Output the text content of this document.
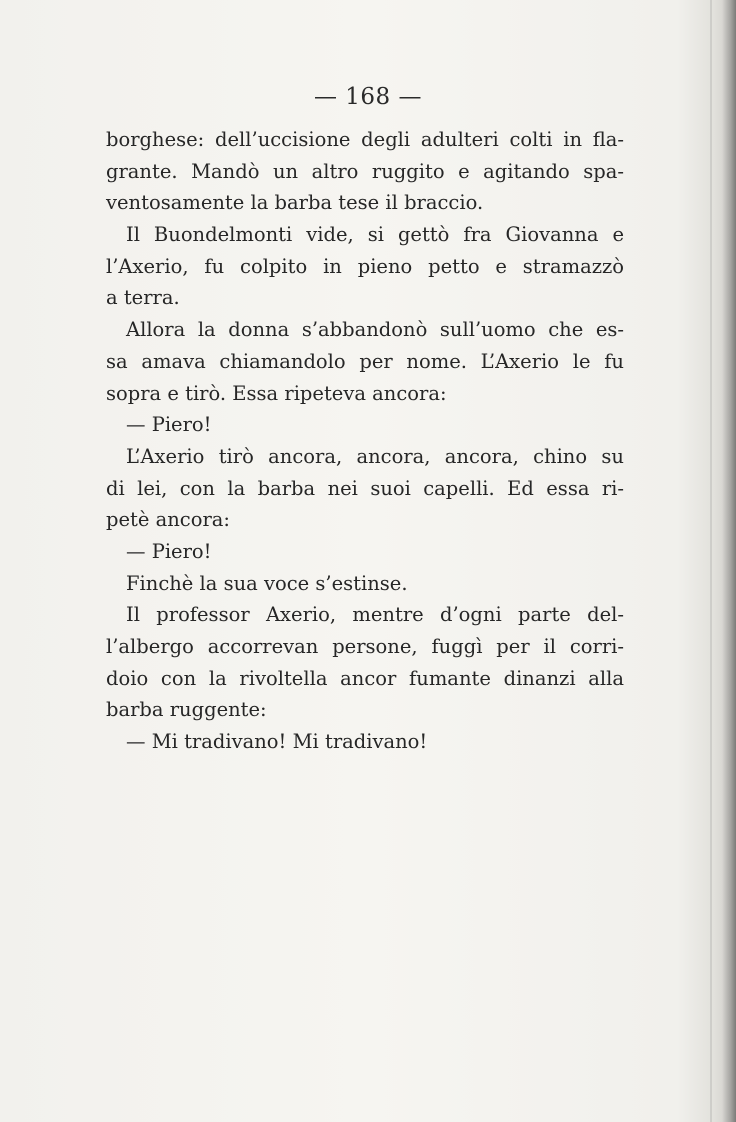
— 168 —
borghese: dell’uccisione degli adulteri colti in fla-
grante. Mandò un altro ruggito e agitando spa-
ventosamente la barba tese il braccio.
Il Buondelmonti vide, si gettò fra Giovanna e
l’Axerio, fu colpito in pieno petto e stramazzò
a terra.
Allora la donna s’abbandonò sull’uomo che es-
sa amava chiamandolo per nome. L’Axerio le fu
sopra e tirò. Essa ripeteva ancora:
— Piero!
L’Axerio tirò ancora, ancora, ancora, chino su
di lei, con la barba nei suoi capelli. Ed essa ri-
petè ancora:
— Piero!
Finchè la sua voce s’estinse.
Il professor Axerio, mentre d’ogni parte del-
l’albergo accorrevan persone, fuggì per il corri-
doio con la rivoltella ancor fumante dinanzi alla
barba ruggente:
— Mi tradivano! Mi tradivano!
